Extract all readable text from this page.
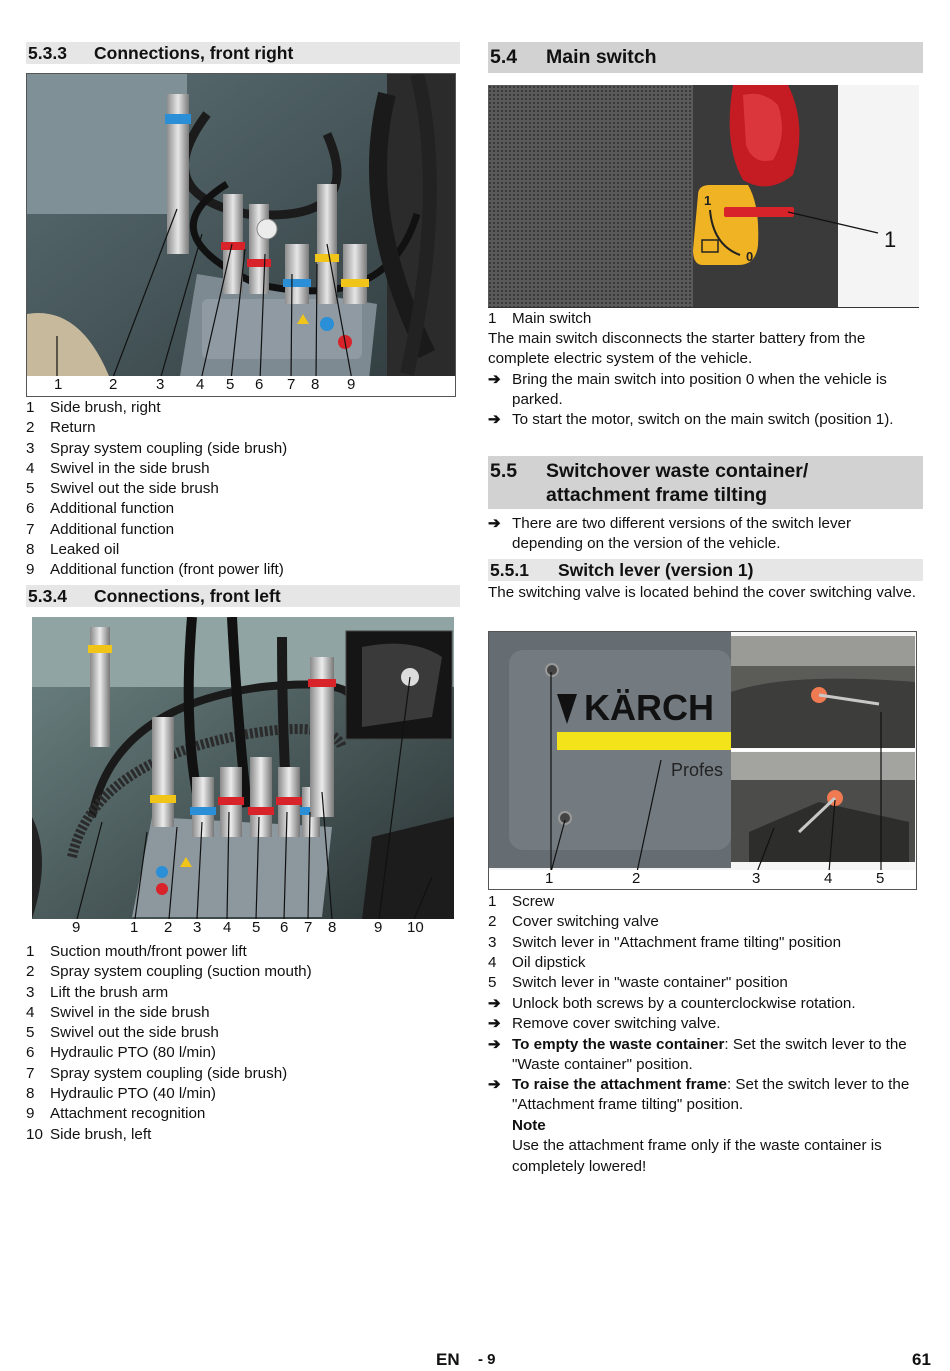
5.3.3 Connections, front right
1	2	3 4 5 6 7 8 9
1 Side brush, right
2 Return
3 Spray system coupling (side brush)
4 Swivel in the side brush
5 Swivel out the side brush
6 Additional function
7 Additional function
8 Leaked oil
9 Additional function (front power lift)
5.3.4 Connections, front left
9	1 2 3 4 5 6 7 8	9 10
1 Suction mouth/front power lift
2 Spray system coupling (suction mouth)
3 Lift the brush arm
4 Swivel in the side brush
5 Swivel out the side brush
6 Hydraulic PTO (80 l/min)
7 Spray system coupling (side brush)
8 Hydraulic PTO (40 l/min)
9 Attachment recognition
10 Side brush, left
5.4	Main switch
1
0
1
1 Main switch
The main switch disconnects the starter battery from the complete electric system of the vehicle.
➔ Bring the main switch into position 0 when the vehicle is parked.
➔ To start the motor, switch on the main switch (position 1).
5.5	Switchover waste container/
attachment frame tilting
➔ There are two different versions of the switch lever depending on the version of the vehicle.
5.5.1 Switch lever (version 1)
The switching valve is located behind the cover switching valve.
KÄRCH
Profes
1	2	3	4	5
1 Screw
2 Cover switching valve
3 Switch lever in "Attachment frame tilting" position
4 Oil dipstick
5 Switch lever in "waste container" position
➔ Unlock both screws by a counterclockwise rotation.
➔ Remove cover switching valve.
➔ To empty the waste container: Set the switch lever to the "Waste container" position.
➔ To raise the attachment frame: Set the switch lever to the "Attachment frame tilting" position.
Note
Use the attachment frame only if the waste container is completely lowered!
EN - 9	61
